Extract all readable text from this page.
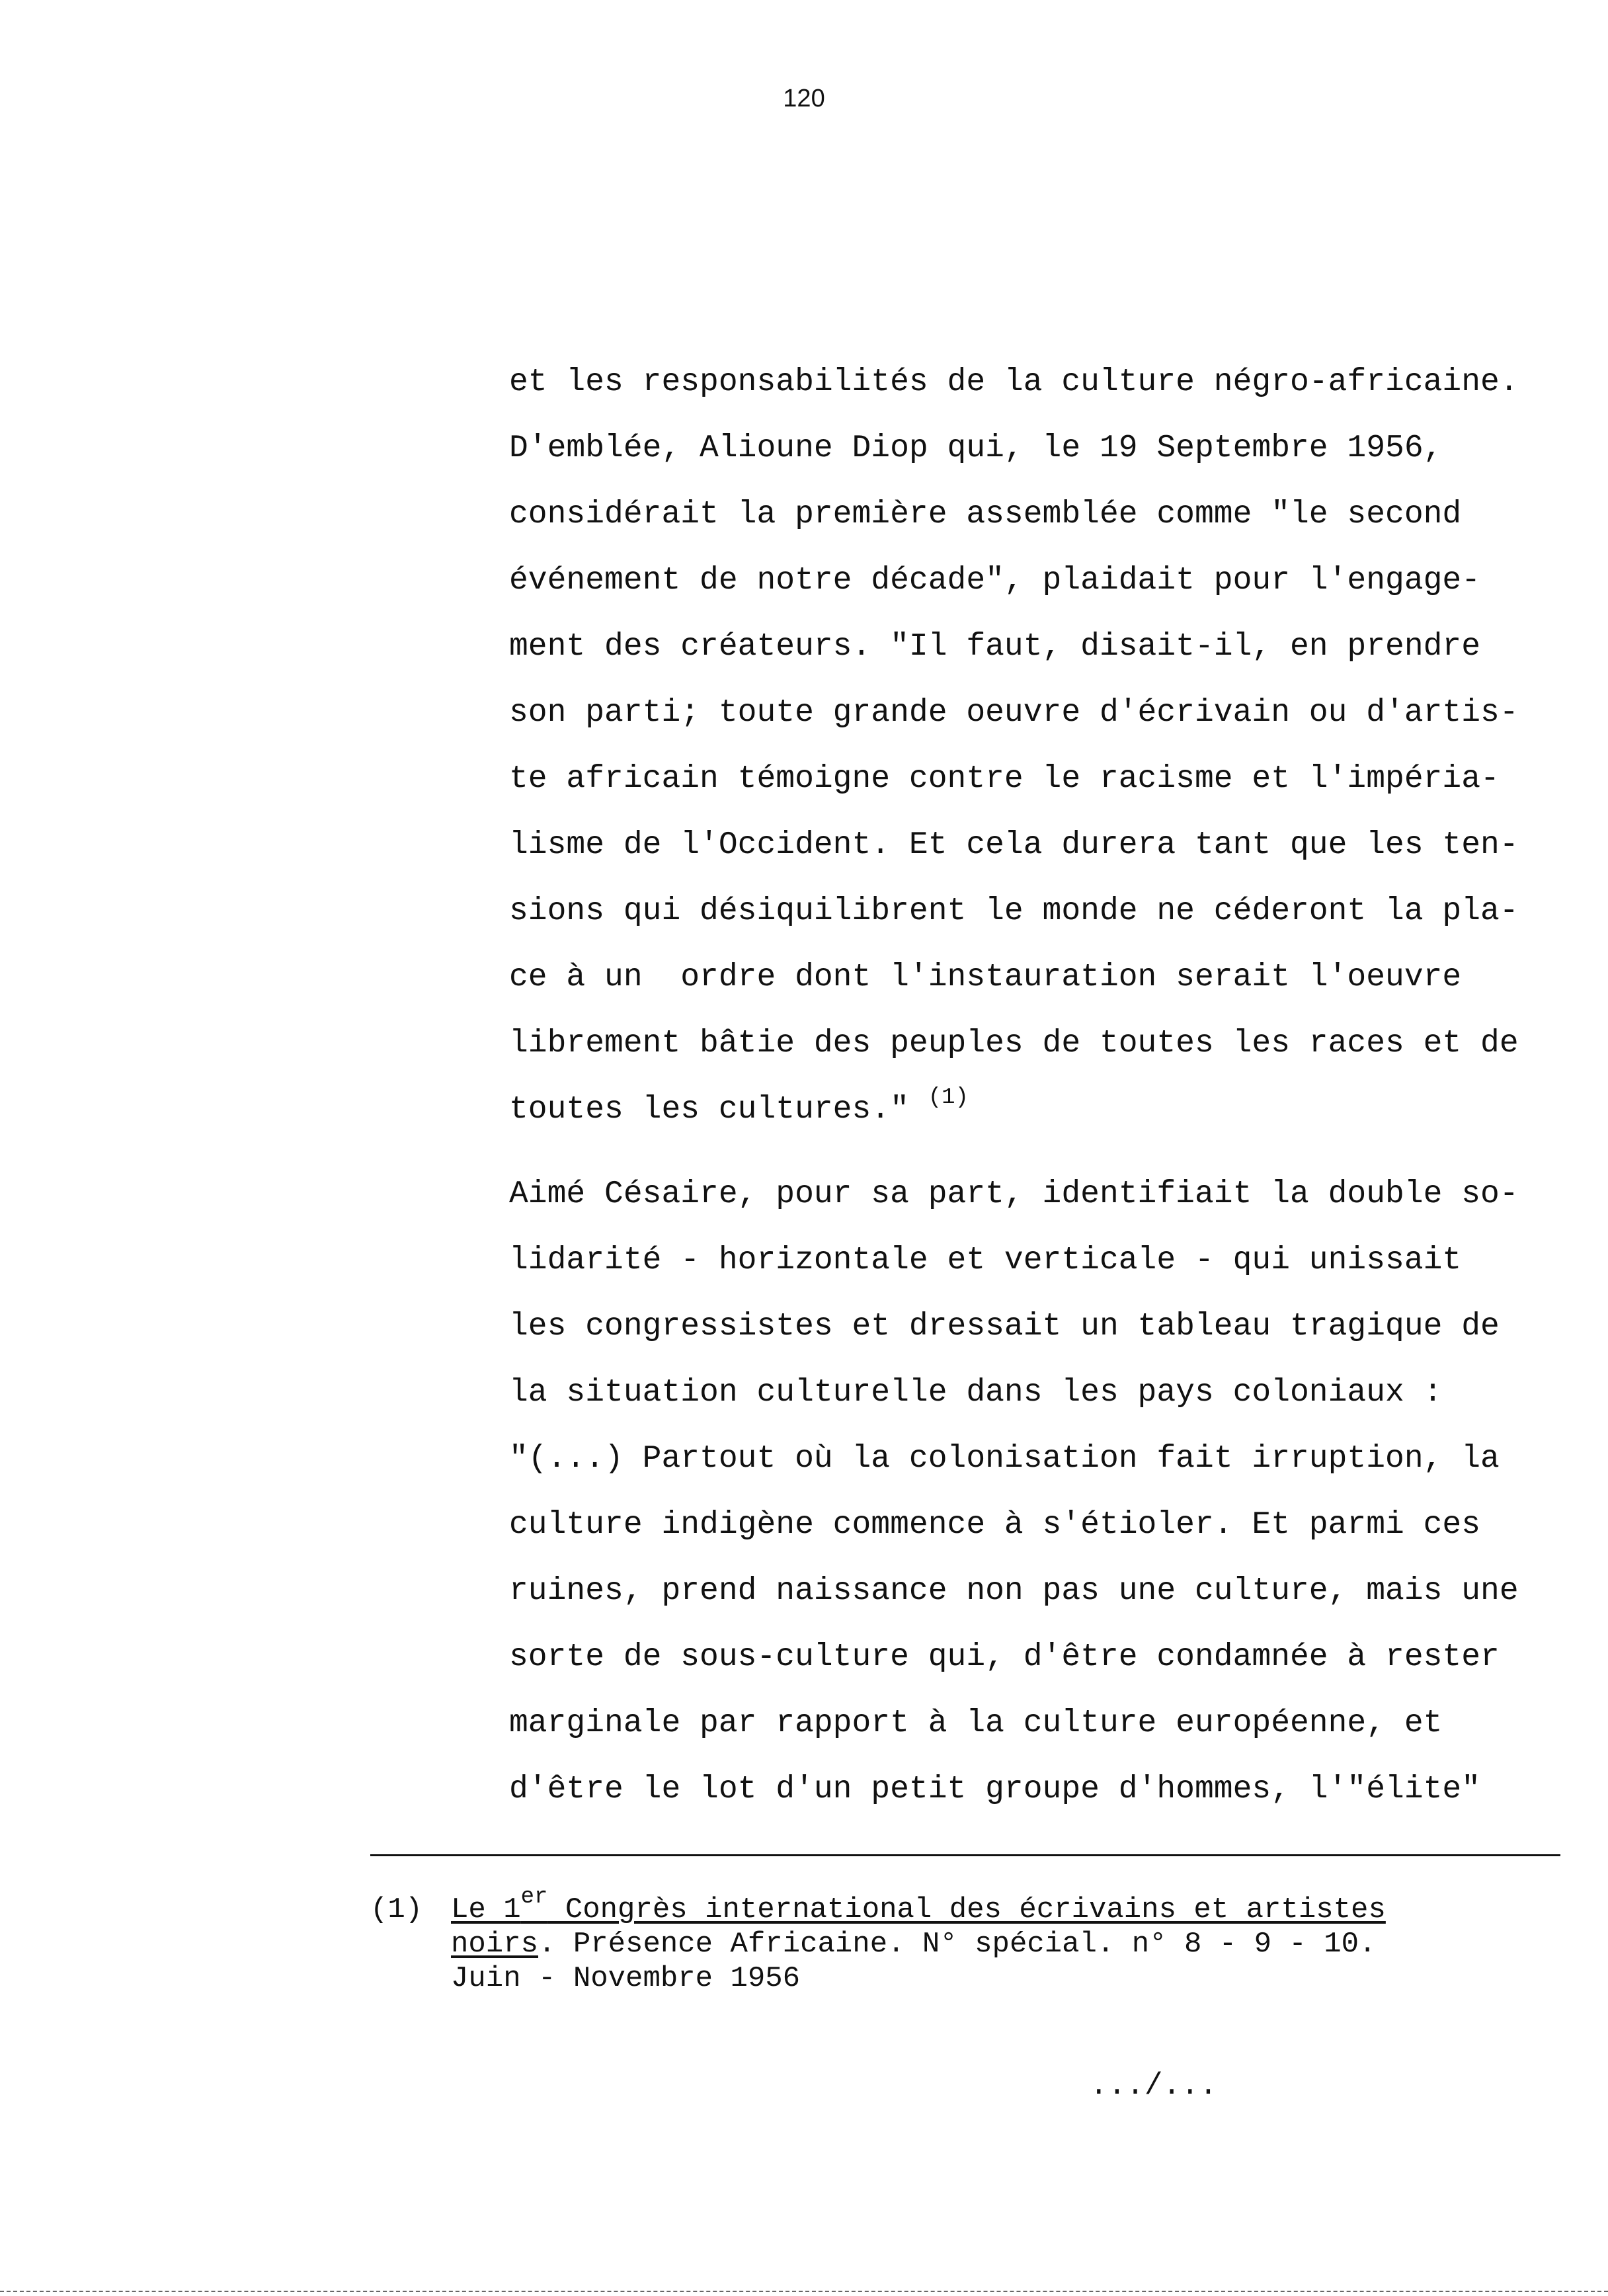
120
et les responsabilités de la culture négro-africaine.
D'emblée, Alioune Diop qui, le 19 Septembre 1956,
considérait la première assemblée comme "le second
événement de notre décade", plaidait pour l'engage-
ment des créateurs. "Il faut, disait-il, en prendre
son parti; toute grande oeuvre d'écrivain ou d'artis-
te africain témoigne contre le racisme et l'impéria-
lisme de l'Occident. Et cela durera tant que les ten-
sions qui désiquilibrent le monde ne céderont la pla-
ce à un  ordre dont l'instauration serait l'oeuvre
librement bâtie des peuples de toutes les races et de
toutes les cultures." $^{(1)}$
Aimé Césaire, pour sa part, identifiait la double so-
lidarité - horizontale et verticale - qui unissait
les congressistes et dressait un tableau tragique de
la situation culturelle dans les pays coloniaux :
"(...) Partout où la colonisation fait irruption, la
culture indigène commence à s'étioler. Et parmi ces
ruines, prend naissance non pas une culture, mais une
sorte de sous-culture qui, d'être condamnée à rester
marginale par rapport à la culture européenne, et
d'être le lot d'un petit groupe d'hommes, l'"élite"
(1) Le 1er Congrès international des écrivains et artistes
noirs. Présence Africaine. N° spécial. n° 8 - 9 - 10.
Juin - Novembre 1956
.../...
